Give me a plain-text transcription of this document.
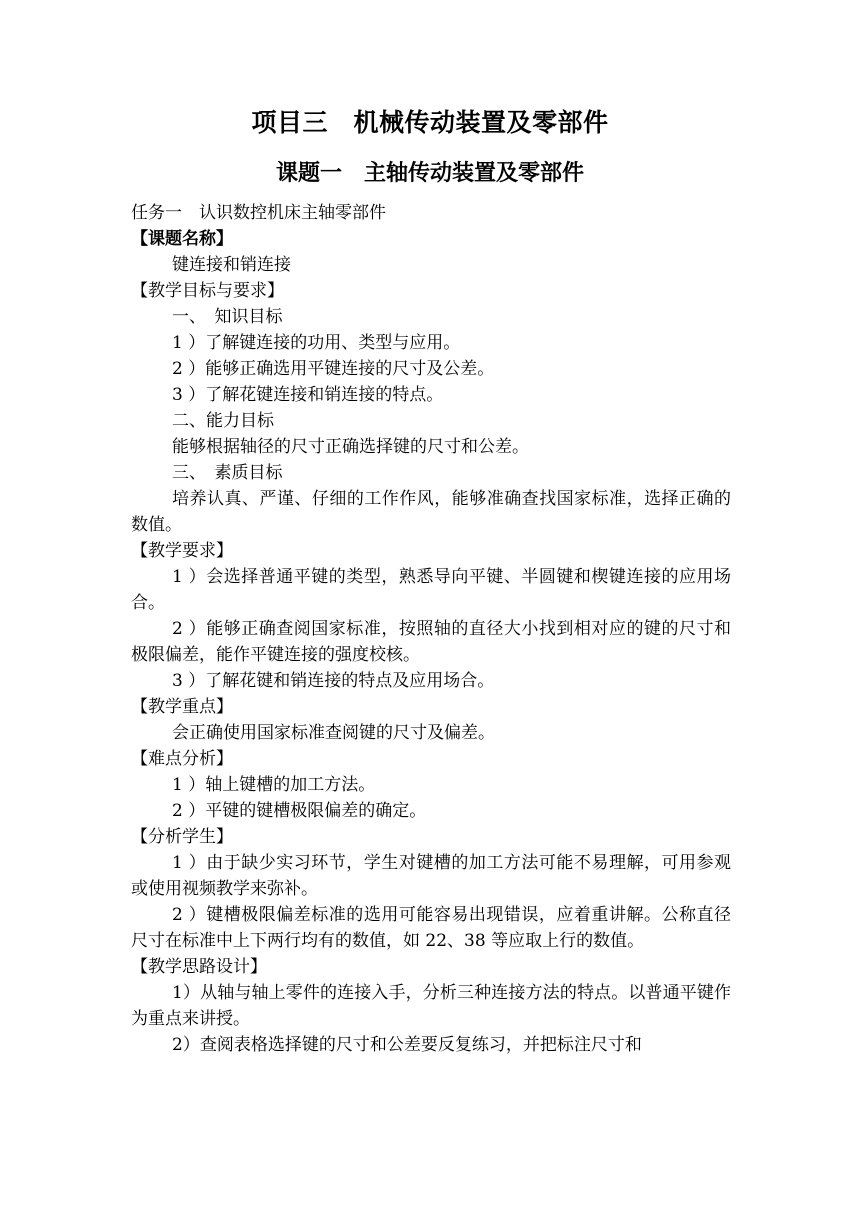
项目三　机械传动装置及零部件
课题一　主轴传动装置及零部件
任务一　认识数控机床主轴零部件
【课题名称】
键连接和销连接
【教学目标与要求】
一、　知识目标
1 ）了解键连接的功用、类型与应用。
2 ）能够正确选用平键连接的尺寸及公差。
3 ）了解花键连接和销连接的特点。
二、能力目标
能够根据轴径的尺寸正确选择键的尺寸和公差。
三、　素质目标
培养认真、严谨、仔细的工作作风，能够准确查找国家标准，选择正确的数值。
【教学要求】
1 ）会选择普通平键的类型，熟悉导向平键、半圆键和楔键连接的应用场合。
2 ）能够正确查阅国家标准，按照轴的直径大小找到相对应的键的尺寸和极限偏差，能作平键连接的强度校核。
3 ）了解花键和销连接的特点及应用场合。
【教学重点】
会正确使用国家标准查阅键的尺寸及偏差。
【难点分析】
1 ）轴上键槽的加工方法。
2 ）平键的键槽极限偏差的确定。
【分析学生】
1 ）由于缺少实习环节，学生对键槽的加工方法可能不易理解，可用参观或使用视频教学来弥补。
2 ）键槽极限偏差标准的选用可能容易出现错误，应着重讲解。公称直径尺寸在标准中上下两行均有的数值，如 22、38 等应取上行的数值。
【教学思路设计】
1）从轴与轴上零件的连接入手，分析三种连接方法的特点。以普通平键作为重点来讲授。
2）查阅表格选择键的尺寸和公差要反复练习，并把标注尺寸和
